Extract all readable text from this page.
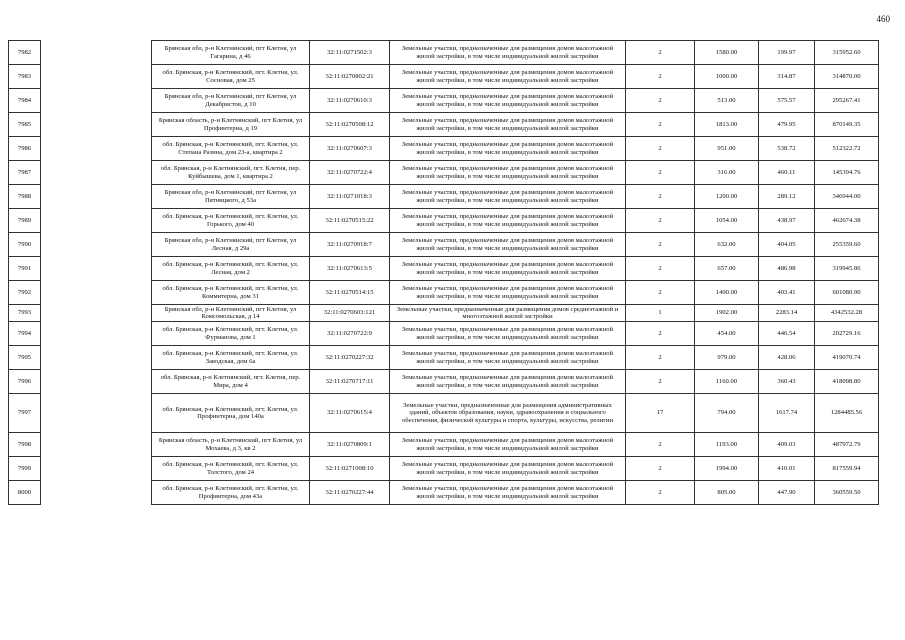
460
7982		Брянская обл, р-н Клетнянский, пгт Клетня, ул Гагарина, д 46	32:11:0271502:3	Земельные участки, предназначенные для размещения домов малоэтажной жилой застройки, в том числе индивидуальной жилой застройки	2	1580.00	199.97	315952.60
7983		обл. Брянская, р-н Клетнянский, пгт. Клетня, ул. Сосновая, дом 25	32:11:0270802:21	Земельные участки, предназначенные для размещения домов малоэтажной жилой застройки, в том числе индивидуальной жилой застройки	2	1000.00	314.87	314870.00
7984		Брянская обл, р-н Клетнянский, пгт Клетня, ул Декабристов, д 10	32:11:0270610:3	Земельные участки, предназначенные для размещения домов малоэтажной жилой застройки, в том числе индивидуальной жилой застройки	2	513.00	575.57	295267.41
7985		Брянская область, р-н Клетнянский, пгт Клетня, ул Профинтерна, д 19	32:11:0270508:12	Земельные участки, предназначенные для размещения домов малоэтажной жилой застройки, в том числе индивидуальной жилой застройки	2	1813.00	479.95	870149.35
7986		обл. Брянская, р-н Клетнянский, пгт. Клетня, ул. Степана Разина, дом 23-а, квартира 2	32:11:0270607:3	Земельные участки, предназначенные для размещения домов малоэтажной жилой застройки, в том числе индивидуальной жилой застройки	2	951.00	538.72	512322.72
7987		обл. Брянская, р-н Клетнянский, пгт. Клетня, пер. Куйбышева, дом 1, квартира 2	32:11:0270722:4	Земельные участки, предназначенные для размещения домов малоэтажной жилой застройки, в том числе индивидуальной жилой застройки	2	316.00	460.11	145394.76
7988		Брянская обл, р-н Клетнянский, пгт Клетня, ул Пятницкого, д 53а	32:11:0271018:3	Земельные участки, предназначенные для размещения домов малоэтажной жилой застройки, в том числе индивидуальной жилой застройки	2	1200.00	289.12	346944.00
7989		обл. Брянская, р-н Клетнянский, пгт. Клетня, ул. Горького, дом 40	32:11:0270515:22	Земельные участки, предназначенные для размещения домов малоэтажной жилой застройки, в том числе индивидуальной жилой застройки	2	1054.00	438.97	462674.38
7990		Брянская обл, р-н Клетнянский, пгт Клетня, ул Лесная, д 29а	32:11:0270918:7	Земельные участки, предназначенные для размещения домов малоэтажной жилой застройки, в том числе индивидуальной жилой застройки	2	632.00	404.05	255359.60
7991		обл. Брянская, р-н Клетнянский, пгт. Клетня, ул. Лесная, дом 2	32:11:0270613:5	Земельные участки, предназначенные для размещения домов малоэтажной жилой застройки, в том числе индивидуальной жилой застройки	2	657.00	486.98	319945.86
7992		обл. Брянская, р-н Клетнянский, пгт. Клетня, ул. Коммитерна, дом 31	32:11:0270514:15	Земельные участки, предназначенные для размещения домов малоэтажной жилой застройки, в том числе индивидуальной жилой застройки	2	1490.00	403.41	601080.90
7993		Брянская обл, р-н Клетнянский, пгт Клетня, ул Комсомольская, д 14	32:11:0270603:121	Земельные участки, предназначенные для размещения домов среднеэтажной и многоэтажной жилой застройки	1	1902.00	2283.14	4342532.28
7994		обл. Брянская, р-н Клетнянский, пгт. Клетня, ул. Фурманова, дом 1	32:11:0270722:9	Земельные участки, предназначенные для размещения домов малоэтажной жилой застройки, в том числе индивидуальной жилой застройки	2	454.00	446.54	202729.16
7995		обл. Брянская, р-н Клетнянский, пгт. Клетня, ул. Заводская, дом 6а	32:11:0270227:32	Земельные участки, предназначенные для размещения домов малоэтажной жилой застройки, в том числе индивидуальной жилой застройки	2	979.00	428.06	419070.74
7996		обл. Брянская, р-н Клетнянский, пгт. Клетня, пер. Мира, дом 4	32:11:0270717:11	Земельные участки, предназначенные для размещения домов малоэтажной жилой застройки, в том числе индивидуальной жилой застройки	2	1160.00	360.43	418098.80
7997		обл. Брянская, р-н Клетнянский, пгт. Клетня, ул. Профинтерна, дом 140а	32:11:0270615:4	Земельные участки, предназначенные для размещения административных зданий, объектов образования, науки, здравоохранения и социального обеспечения, физической культуры и спорта, культуры, искусства, религии	17	794.00	1617.74	1284485.56
7998		Брянская область, р-н Клетнянский, пгт Клетня, ул Мохаева, д 3, кв 2	32:11:0270809:1	Земельные участки, предназначенные для размещения домов малоэтажной жилой застройки, в том числе индивидуальной жилой застройки	2	1193.00	409.03	487972.79
7999		обл. Брянская, р-н Клетнянский, пгт. Клетня, ул. Толстого, дом 24	32:11:0271008:10	Земельные участки, предназначенные для размещения домов малоэтажной жилой застройки, в том числе индивидуальной жилой застройки	2	1994.00	410.01	817559.94
8000		обл. Брянская, р-н Клетнянский, пгт. Клетня, ул. Профинтерна, дом 43а	32:11:0270227:44	Земельные участки, предназначенные для размещения домов малоэтажной жилой застройки, в том числе индивидуальной жилой застройки	2	805.00	447.90	360559.50
